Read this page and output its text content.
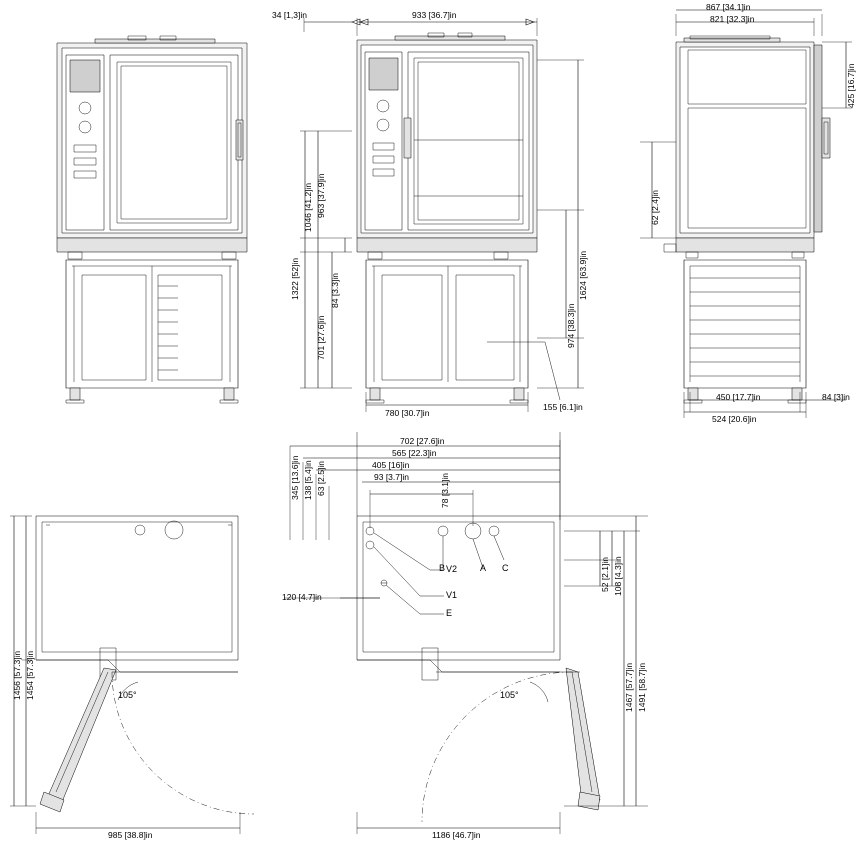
933 [36.7]in
34 [1,3]in
1046 [41.2]in 963 [37.9]in
1322 [52]in
701 [27.6]in
84 [3.3]in	1624 [63.9]in
974 [38.3]in
780 [30.7]in
155 [6.1]in
867 [34.1]in
821 [32.3]in
425 [16.7]in
62 [2.4]in
450 [17.7]in	84 [3]in
524 [20.6]in
1456 [57.3]in 1454 [57.3]in
985 [38.8]in
105°
702 [27.6]in
565 [22.3]in
405 [16]in
93 [3.7]in
345 [13.6]in 138 [5.4]in 63 [2.5]in	78 [3.1]in
120 [4.7]in
52 [2.1]in 108 [4.3]in
1467 [57.7]in 1491 [58.7]in
1186 [46.7]in
105°
V2
V1
E
B	A C
